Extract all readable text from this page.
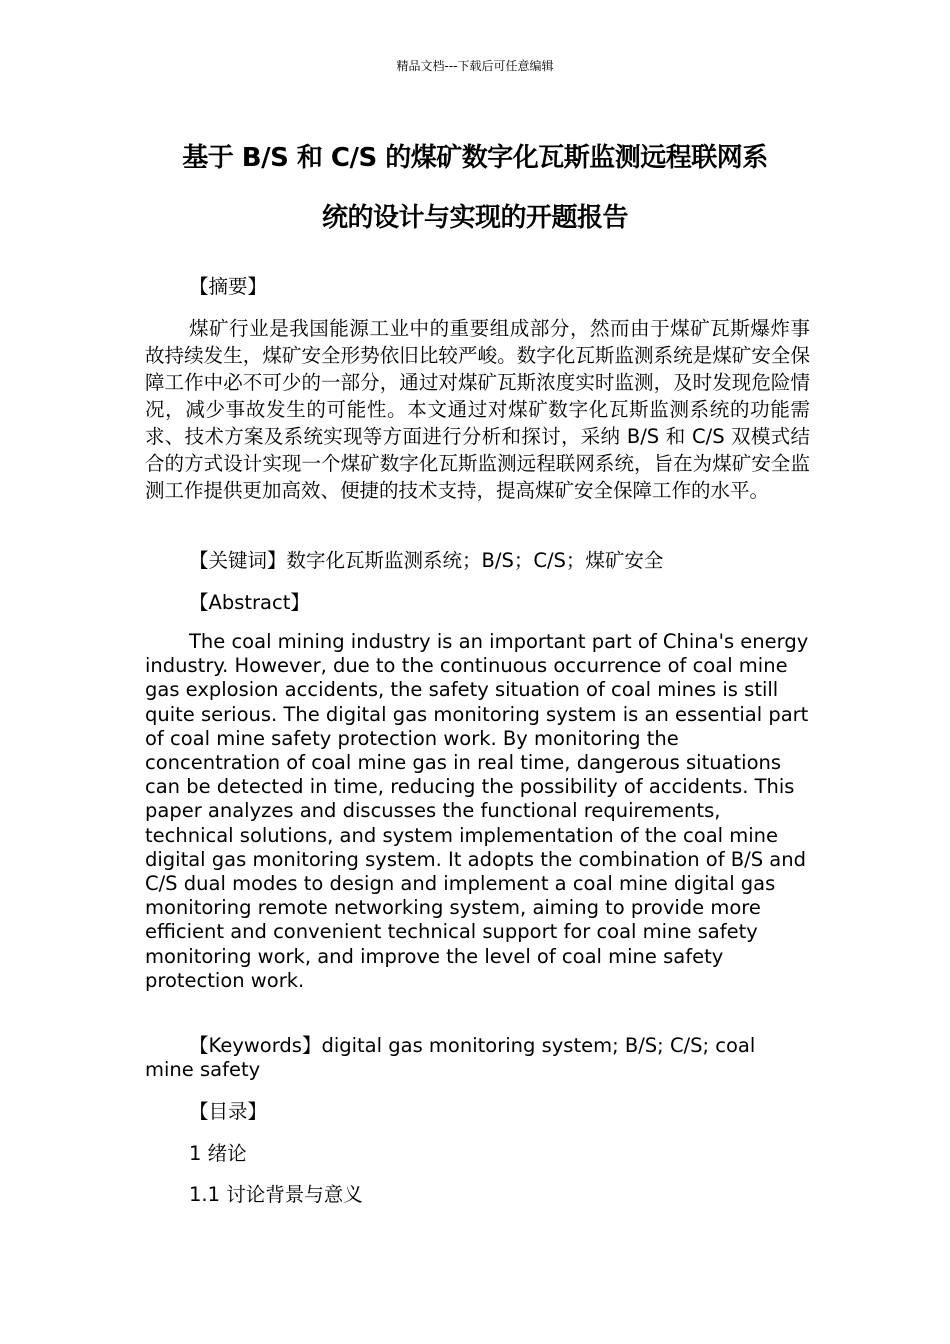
精品文档---下载后可任意编辑
基于 B/S 和 C/S 的煤矿数字化瓦斯监测远程联网系
统的设计与实现的开题报告
【摘要】
煤矿行业是我国能源工业中的重要组成部分，然而由于煤矿瓦斯爆炸事故持续发生，煤矿安全形势依旧比较严峻。数字化瓦斯监测系统是煤矿安全保障工作中必不可少的一部分，通过对煤矿瓦斯浓度实时监测，及时发现危险情况，减少事故发生的可能性。本文通过对煤矿数字化瓦斯监测系统的功能需求、技术方案及系统实现等方面进行分析和探讨，采纳 B/S 和 C/S 双模式结合的方式设计实现一个煤矿数字化瓦斯监测远程联网系统，旨在为煤矿安全监测工作提供更加高效、便捷的技术支持，提高煤矿安全保障工作的水平。
【关键词】数字化瓦斯监测系统；B/S；C/S；煤矿安全
【Abstract】
The coal mining industry is an important part of China's energy industry. However, due to the continuous occurrence of coal mine gas explosion accidents, the safety situation of coal mines is still quite serious. The digital gas monitoring system is an essential part of coal mine safety protection work. By monitoring the concentration of coal mine gas in real time, dangerous situations can be detected in time, reducing the possibility of accidents. This paper analyzes and discusses the functional requirements, technical solutions, and system implementation of the coal mine digital gas monitoring system. It adopts the combination of B/S and C/S dual modes to design and implement a coal mine digital gas monitoring remote networking system, aiming to provide more efficient and convenient technical support for coal mine safety monitoring work, and improve the level of coal mine safety protection work.
【Keywords】digital gas monitoring system; B/S; C/S; coal mine safety
【目录】
1 绪论
1.1 讨论背景与意义
